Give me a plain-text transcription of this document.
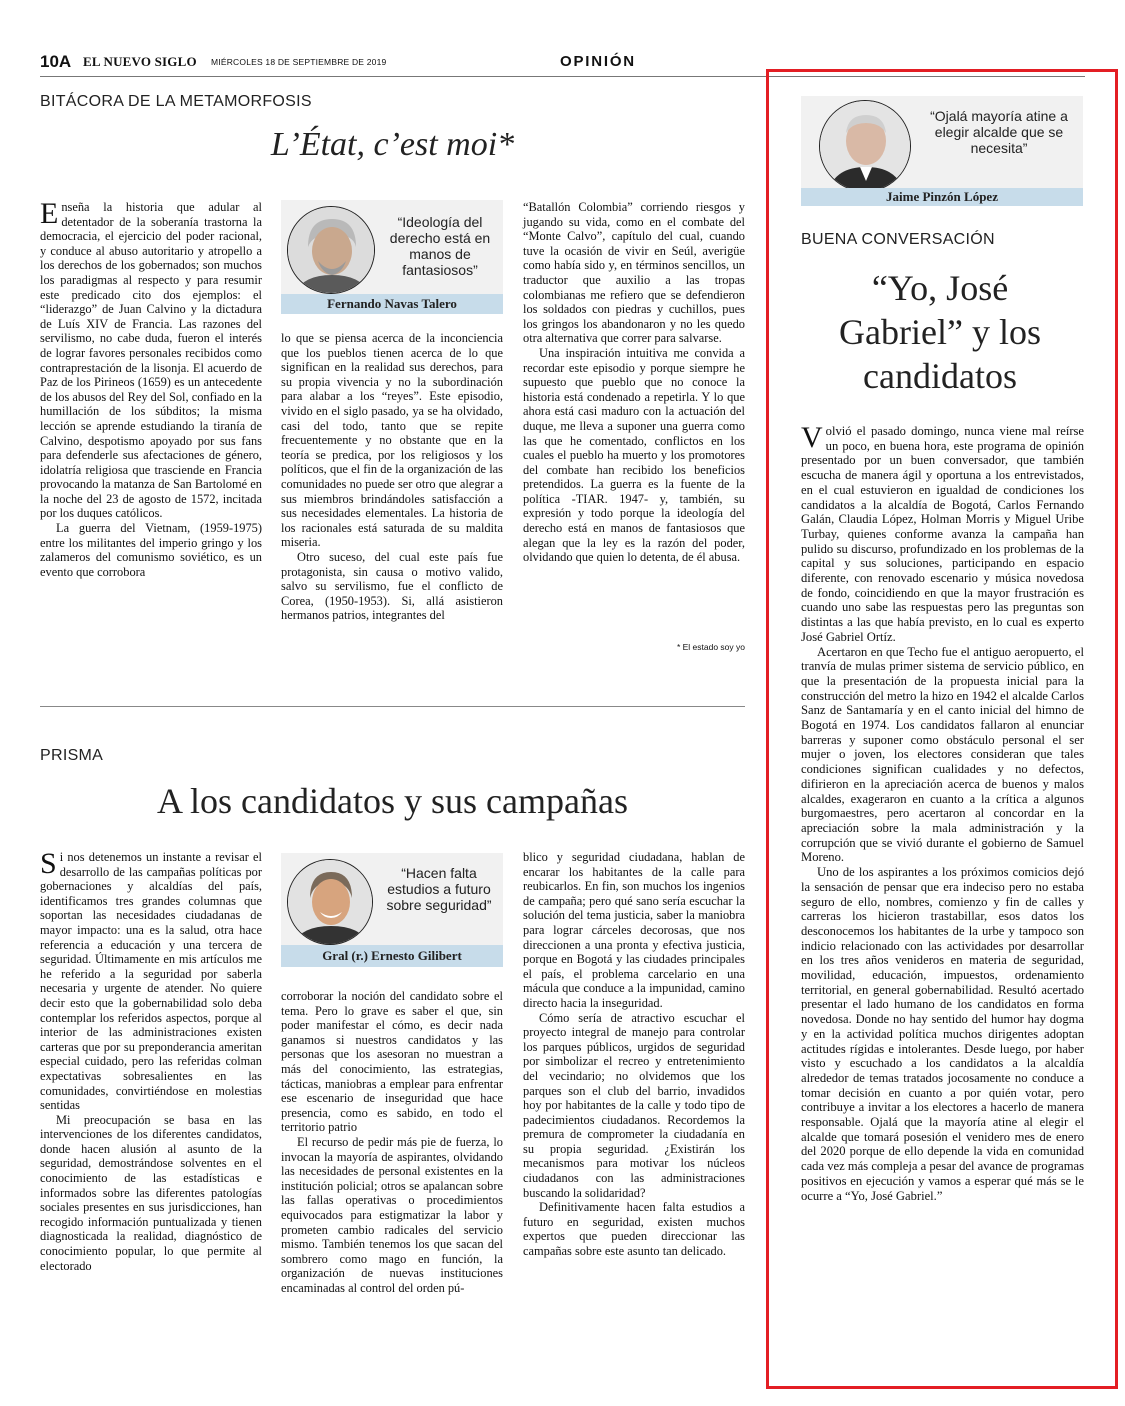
10A EL NUEVO SIGLO MIÉRCOLES 18 DE SEPTIEMBRE DE 2019	OPINIÓN
BITÁCORA DE LA METAMORFOSIS
L’État, c’est moi*

Enseña la historia que adular al detentador de la soberanía trastorna la democracia, el ejercicio del poder racional, y conduce al abuso autoritario y atropello a los derechos de los gobernados; son muchos los paradigmas al respecto y para resumir este predicado cito dos ejemplos: el “liderazgo” de Juan Calvino y la dictadura de Luís XIV de Francia. Las razones del servilismo, no cabe duda, fueron el interés de lograr favores personales recibidos como contraprestación de la lisonja. El acuerdo de Paz de los Pirineos (1659) es un antecedente de los abusos del Rey del Sol, confiado en la humillación de los súbditos; la misma lección se aprende estudiando la tiranía de Calvino, despotismo apoyado por sus fans para defenderle sus afectaciones de género, idolatría religiosa que trasciende en Francia provocando la matanza de San Bartolomé en la noche del 23 de agosto de 1572, incitada por los duques católicos.

La guerra del Vietnam, (1959-1975) entre los militantes del imperio gringo y los zalameros del comunismo soviético, es un evento que corrobora

“Ideología del derecho está en manos de fantasiosos”
Fernando Navas Talero

lo que se piensa acerca de la inconciencia que los pueblos tienen acerca de lo que significan en la realidad sus derechos, para su propia vivencia y no la subordinación para alabar a los “reyes”. Este episodio, vivido en el siglo pasado, ya se ha olvidado, casi del todo, tanto que se repite frecuentemente y no obstante que en la teoría se predica, por los religiosos y los políticos, que el fin de la organización de las comunidades no puede ser otro que alegrar a sus miembros brindándoles satisfacción a sus necesidades elementales. La historia de los racionales está saturada de su maldita miseria.

Otro suceso, del cual este país fue protagonista, sin causa o motivo valido, salvo su servilismo, fue el conflicto de Corea, (1950-1953). Si, allá asistieron hermanos patrios, integrantes del

“Batallón Colombia” corriendo riesgos y jugando su vida, como en el combate del “Monte Calvo”, capítulo del cual, cuando tuve la ocasión de vivir en Seúl, averigüe como había sido y, en términos sencillos, un traductor que auxilio a las tropas colombianas me refiero que se defendieron los soldados con piedras y cuchillos, pues los gringos los abandonaron y no les quedo otra alternativa que correr para salvarse.

Una inspiración intuitiva me convida a recordar este episodio y porque siempre he supuesto que pueblo que no conoce la historia está condenado a repetirla. Y lo que ahora está casi maduro con la actuación del duque, me lleva a suponer una guerra como las que he comentado, conflictos en los cuales el pueblo ha muerto y los promotores del combate han recibido los beneficios pretendidos. La guerra es la fuente de la política -TIAR. 1947- y, también, su expresión y todo porque la ideología del derecho está en manos de fantasiosos que alegan que la ley es la razón del poder, olvidando que quien lo detenta, de él abusa.

* El estado soy yo
PRISMA
A los candidatos y sus campañas

Si nos detenemos un instante a revisar el desarrollo de las campañas políticas por gobernaciones y alcaldías del país, identificamos tres grandes columnas que soportan las necesidades ciudadanas de mayor impacto: una es la salud, otra hace referencia a educación y una tercera de seguridad. Últimamente en mis artículos me he referido a la seguridad por saberla necesaria y urgente de atender. No quiere decir esto que la gobernabilidad solo deba contemplar los referidos aspectos, porque al interior de las administraciones existen carteras que por su preponderancia ameritan especial cuidado, pero las referidas colman expectativas sobresalientes en las comunidades, convirtiéndose en molestias sentidas

Mi preocupación se basa en las intervenciones de los diferentes candidatos, donde hacen alusión al asunto de la seguridad, demostrándose solventes en el conocimiento de las estadísticas e informados sobre las diferentes patologías sociales presentes en sus jurisdicciones, han recogido información puntualizada y tienen diagnosticada la realidad, diagnóstico de conocimiento popular, lo que permite al electorado

“Hacen falta estudios a futuro sobre seguridad”
Gral (r.) Ernesto Gilibert

corroborar la noción del candidato sobre el tema. Pero lo grave es saber el que, sin poder manifestar el cómo, es decir nada ganamos si nuestros candidatos y las personas que los asesoran no muestran a más del conocimiento, las estrategias, tácticas, maniobras a emplear para enfrentar ese escenario de inseguridad que hace presencia, como es sabido, en todo el territorio patrio

El recurso de pedir más pie de fuerza, lo invocan la mayoría de aspirantes, olvidando las necesidades de personal existentes en la institución policial; otros se apalancan sobre las fallas operativas o procedimientos equivocados para estigmatizar la labor y prometen cambio radicales del servicio mismo. También tenemos los que sacan del sombrero como mago en función, la organización de nuevas instituciones encaminadas al control del orden pú-

blico y seguridad ciudadana, hablan de encarar los habitantes de la calle para reubicarlos. En fin, son muchos los ingenios de campaña; pero qué sano sería escuchar la solución del tema justicia, saber la maniobra para lograr cárceles decorosas, que nos direccionen a una pronta y efectiva justicia, porque en Bogotá y las ciudades principales el país, el problema carcelario en una mácula que conduce a la impunidad, camino directo hacia la inseguridad.

Cómo sería de atractivo escuchar el proyecto integral de manejo para controlar los parques públicos, urgidos de seguridad por simbolizar el recreo y entretenimiento del vecindario; no olvidemos que los parques son el club del barrio, invadidos hoy por habitantes de la calle y todo tipo de padecimientos ciudadanos. Recordemos la premura de comprometer la ciudadanía en su propia seguridad. ¿Existirán los mecanismos para motivar los núcleos ciudadanos con las administraciones buscando la solidaridad?

Definitivamente hacen falta estudios a futuro en seguridad, existen muchos expertos que pueden direccionar las campañas sobre este asunto tan delicado.

“Ojalá mayoría atine a elegir alcalde que se necesita”
Jaime Pinzón López
BUENA CONVERSACIÓN
“Yo, José
Gabriel” y los
candidatos

Volvió el pasado domingo, nunca viene mal reírse un poco, en buena hora, este programa de opinión presentado por un buen conversador, que también escucha de manera ágil y oportuna a los entrevistados, en el cual estuvieron en igualdad de condiciones los candidatos a la alcaldía de Bogotá, Carlos Fernando Galán, Claudia López, Holman Morris y Miguel Uribe Turbay, quienes conforme avanza la campaña han pulido su discurso, profundizado en los problemas de la capital y sus soluciones, participando en espacio diferente, con renovado escenario y música novedosa de fondo, coincidiendo en que la mayor frustración es cuando uno sabe las respuestas pero las preguntas son distintas a las que había previsto, en lo cual es experto José Gabriel Ortíz.

Acertaron en que Techo fue el antiguo aeropuerto, el tranvía de mulas primer sistema de servicio público, en que la presentación de la propuesta inicial para la construcción del metro la hizo en 1942 el alcalde Carlos Sanz de Santamaría y en el canto inicial del himno de Bogotá en 1974. Los candidatos fallaron al enunciar barreras y suponer como obstáculo personal el ser mujer o joven, los electores consideran que tales condiciones significan cualidades y no defectos, difirieron en la apreciación acerca de buenos y malos alcaldes, exageraron en cuanto a la crítica a algunos burgomaestres, pero acertaron al concordar en la apreciación sobre la mala administración y la corrupción que se vivió durante el gobierno de Samuel Moreno.

Uno de los aspirantes a los próximos comicios dejó la sensación de pensar que era indeciso pero no estaba seguro de ello, nombres, comienzo y fin de calles y carreras los hicieron trastabillar, esos datos los desconocemos los habitantes de la urbe y tampoco son indicio relacionado con las actividades por desarrollar en los tres años venideros en materia de seguridad, movilidad, educación, impuestos, ordenamiento territorial, en general gobernabilidad. Resultó acertado presentar el lado humano de los candidatos en forma novedosa. Donde no hay sentido del humor hay dogma y en la actividad política muchos dirigentes adoptan actitudes rígidas e intolerantes. Desde luego, por haber visto y escuchado a los candidatos a la alcaldía alrededor de temas tratados jocosamente no conduce a tomar decisión en cuanto a por quién votar, pero contribuye a invitar a los electores a hacerlo de manera responsable. Ojalá que la mayoría atine al elegir el alcalde que tomará posesión el venidero mes de enero del 2020 porque de ello depende la vida en comunidad cada vez más compleja a pesar del avance de programas positivos en ejecución y vamos a esperar qué más se le ocurre a “Yo, José Gabriel.”
